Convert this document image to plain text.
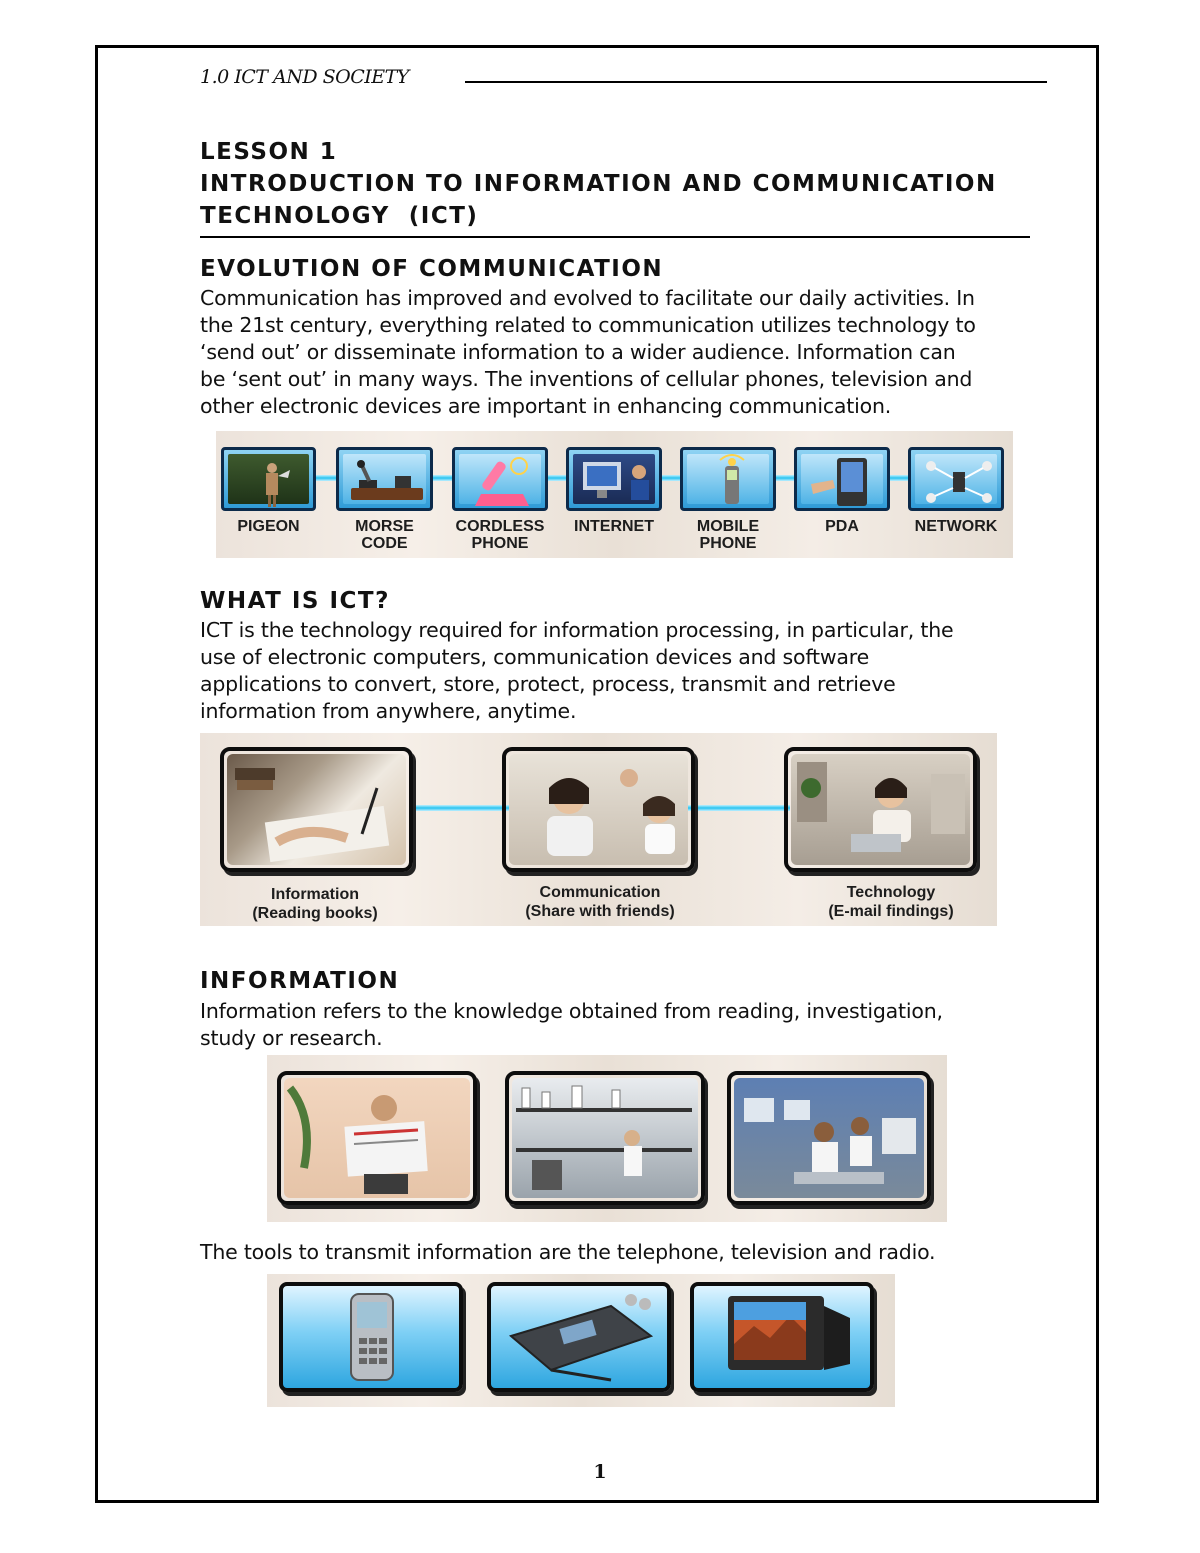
1.0 ICT AND SOCIETY
LESSON 1
INTRODUCTION TO INFORMATION AND COMMUNICATION
TECHNOLOGY  (ICT)
EVOLUTION OF COMMUNICATION
Communication has improved and evolved to facilitate our daily activities. In
the 21st century, everything related to communication utilizes technology to
‘send out’ or disseminate information to a wider audience. Information can
be ‘sent out’ in many ways. The inventions of cellular phones, television and
other electronic devices are important in enhancing communication.
PIGEON	MORSE
CODE
CORDLESS
PHONE
INTERNET	MOBILE
PHONE
PDA	NETWORK
WHAT IS ICT?
ICT is the technology required for information processing, in particular, the
use of electronic computers, communication devices and software
applications to convert, store, protect, process, transmit and retrieve
information from anywhere, anytime.
Information
(Reading books)
Communication
(Share with friends)
Technology
(E-mail findings)
INFORMATION
Information refers to the knowledge obtained from reading, investigation,
study or research.
The tools to transmit information are the telephone, television and radio.
1
